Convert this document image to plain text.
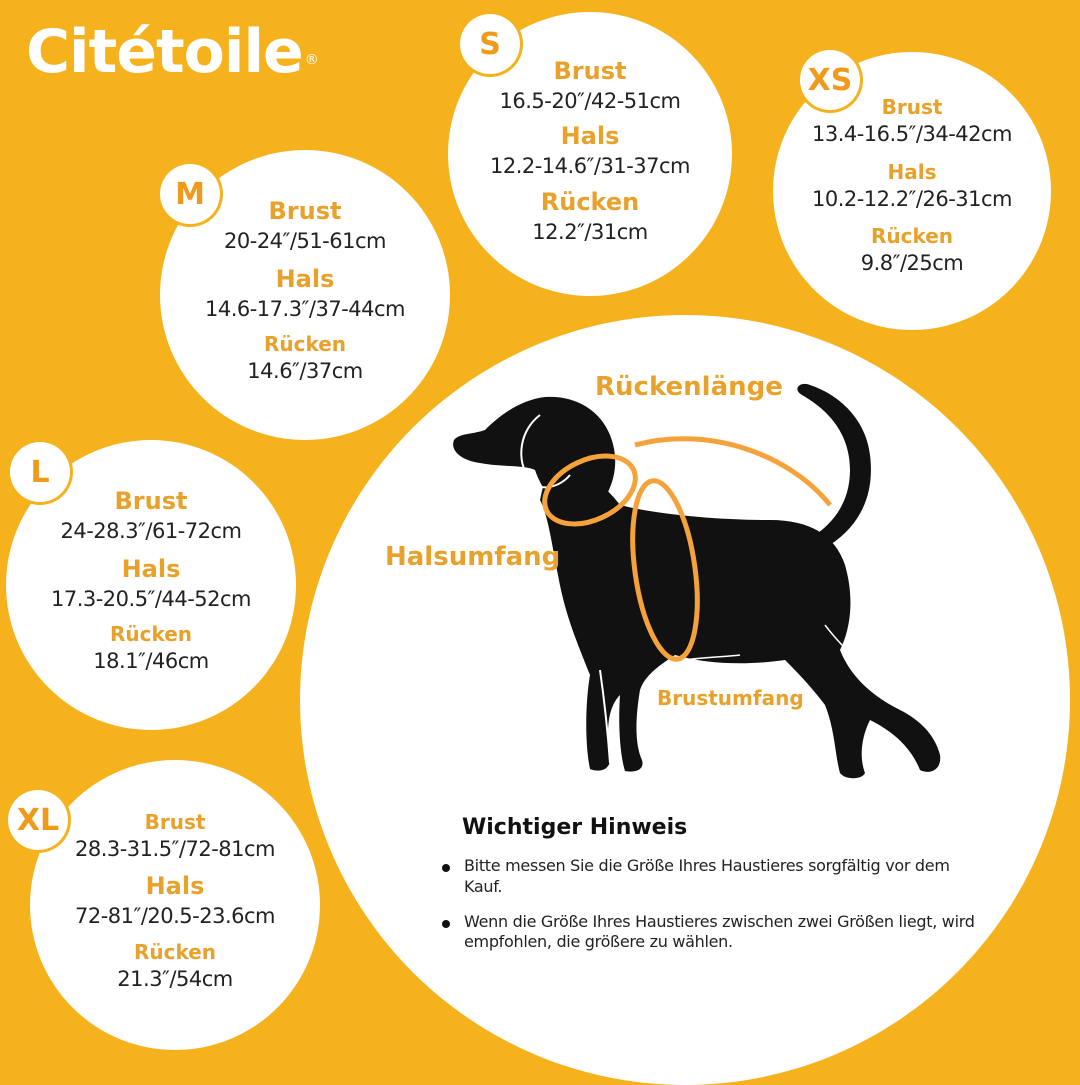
Citétoile ®	Brust
16.5-20″/42-51cm
Hals
12.2-14.6″/31-37cm
Rücken
12.2″/31cm
S
Brust
13.4-16.5″/34-42cm
Hals
10.2-12.2″/26-31cm
Rücken
9.8″/25cm
XS
Brust
20-24″/51-61cm
Hals
14.6-17.3″/37-44cm
Rücken
14.6″/37cm
M
Brust
24-28.3″/61-72cm
Hals
17.3-20.5″/44-52cm
Rücken
18.1″/46cm
L
Brust
28.3-31.5″/72-81cm
Hals
72-81″/20.5-23.6cm
Rücken
21.3″/54cm
XL
Rückenlänge
Halsumfang
Brustumfang
Wichtiger Hinweis
Bitte messen Sie die Größe Ihres Haustieres sorgfältig vor dem Kauf.
Wenn die Größe Ihres Haustieres zwischen zwei Größen liegt, wird empfohlen, die größere zu wählen.
